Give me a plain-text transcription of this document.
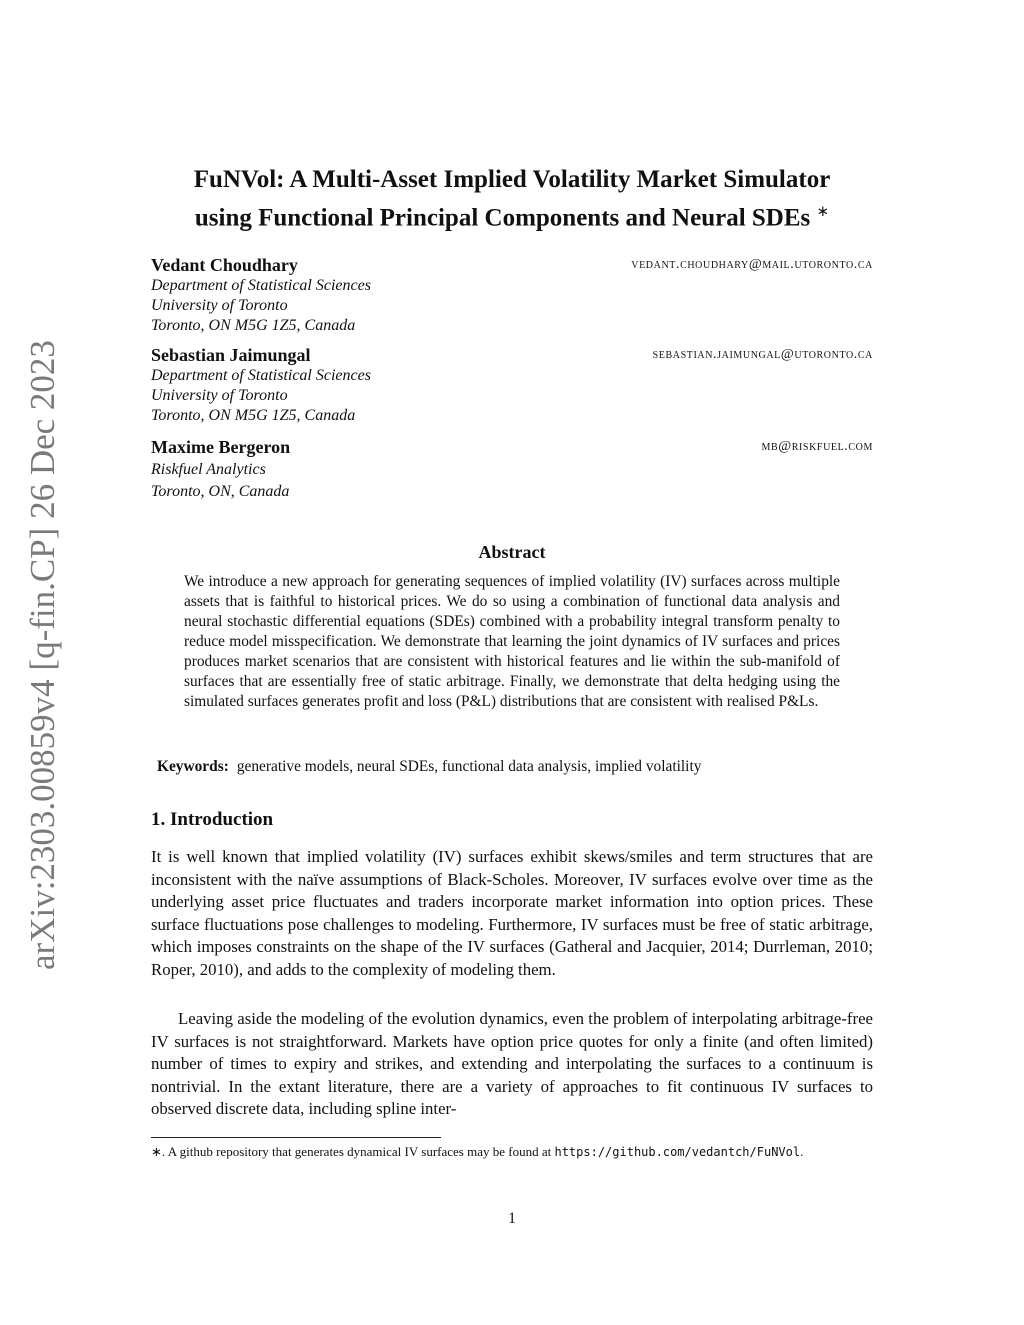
arXiv:2303.00859v4 [q-fin.CP] 26 Dec 2023
FuNVol: A Multi-Asset Implied Volatility Market Simulator
using Functional Principal Components and Neural SDEs ∗
Vedant Choudhary	vedant.choudhary@mail.utoronto.ca
Department of Statistical Sciences
University of Toronto
Toronto, ON M5G 1Z5, Canada
Sebastian Jaimungal	sebastian.jaimungal@utoronto.ca
Department of Statistical Sciences
University of Toronto
Toronto, ON M5G 1Z5, Canada
Maxime Bergeron	mb@riskfuel.com
Riskfuel Analytics
Toronto, ON, Canada
Abstract
We introduce a new approach for generating sequences of implied volatility (IV) surfaces across multiple assets that is faithful to historical prices. We do so using a combination of functional data analysis and neural stochastic differential equations (SDEs) combined with a probability integral transform penalty to reduce model misspecification. We demonstrate that learning the joint dynamics of IV surfaces and prices produces market scenarios that are consistent with historical features and lie within the sub-manifold of surfaces that are essentially free of static arbitrage. Finally, we demonstrate that delta hedging using the simulated surfaces generates profit and loss (P&L) distributions that are consistent with realised P&Ls.
Keywords: generative models, neural SDEs, functional data analysis, implied volatility
1. Introduction
It is well known that implied volatility (IV) surfaces exhibit skews/smiles and term structures that are inconsistent with the naïve assumptions of Black-Scholes. Moreover, IV surfaces evolve over time as the underlying asset price fluctuates and traders incorporate market information into option prices. These surface fluctuations pose challenges to modeling. Furthermore, IV surfaces must be free of static arbitrage, which imposes constraints on the shape of the IV surfaces (Gatheral and Jacquier, 2014; Durrleman, 2010; Roper, 2010), and adds to the complexity of modeling them.
Leaving aside the modeling of the evolution dynamics, even the problem of interpolating arbitrage-free IV surfaces is not straightforward. Markets have option price quotes for only a finite (and often limited) number of times to expiry and strikes, and extending and interpolating the surfaces to a continuum is nontrivial. In the extant literature, there are a variety of approaches to fit continuous IV surfaces to observed discrete data, including spline inter-
∗. A github repository that generates dynamical IV surfaces may be found at https://github.com/vedantch/FuNVol.
1
